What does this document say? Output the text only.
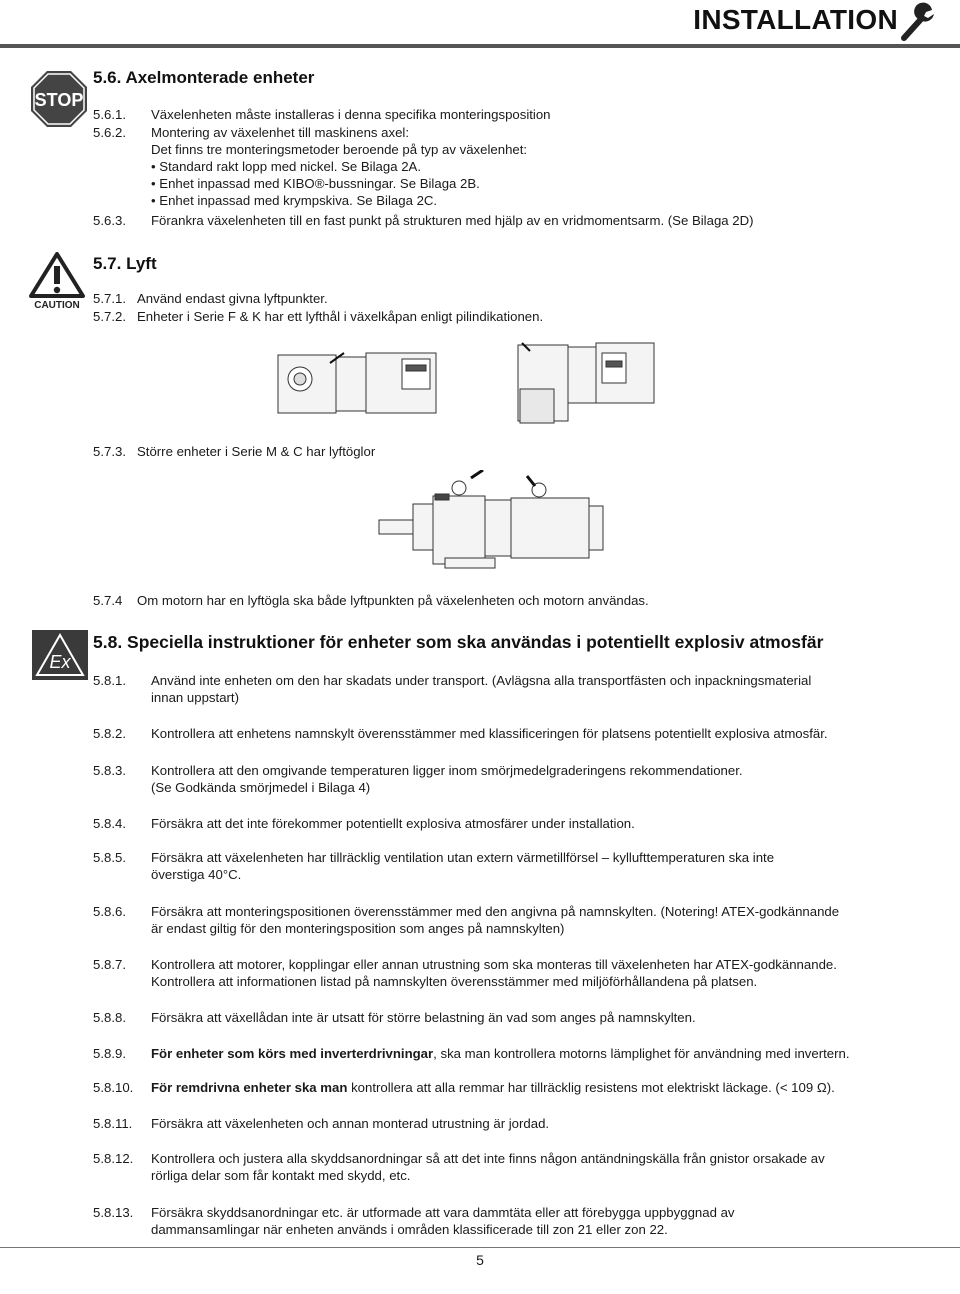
INSTALLATION
STOP
5.6. Axelmonterade enheter
5.6.1. Växelenheten måste installeras i denna specifika monteringsposition
5.6.2. Montering av växelenhet till maskinens axel:
Det finns tre monteringsmetoder beroende på typ av växelenhet:
• Standard rakt lopp med nickel. Se Bilaga 2A.
• Enhet inpassad med KIBO®-bussningar. Se Bilaga 2B.
• Enhet inpassad med krympskiva. Se Bilaga 2C.
5.6.3. Förankra växelenheten till en fast punkt på strukturen med hjälp av en vridmomentsarm. (Se Bilaga 2D)
CAUTION
5.7. Lyft
5.7.1. Använd endast givna lyftpunkter.
5.7.2. Enheter i Serie F & K har ett lyfthål i växelkåpan enligt pilindikationen.
5.7.3. Större enheter i Serie M & C har lyftöglor
5.7.4 Om motorn har en lyftögla ska både lyftpunkten på växelenheten och motorn användas.
Ex
5.8. Speciella instruktioner för enheter som ska användas i potentiellt explosiv atmosfär
5.8.1. Använd inte enheten om den har skadats under transport. (Avlägsna alla transportfästen och inpackningsmaterial
innan uppstart)
5.8.2. Kontrollera att enhetens namnskylt överensstämmer med klassificeringen för platsens potentiellt explosiva atmosfär.
5.8.3. Kontrollera att den omgivande temperaturen ligger inom smörjmedelgraderingens rekommendationer.
(Se Godkända smörjmedel i Bilaga 4)
5.8.4. Försäkra att det inte förekommer potentiellt explosiva atmosfärer under installation.
5.8.5. Försäkra att växelenheten har tillräcklig ventilation utan extern värmetillförsel – kyllufttemperaturen ska inte
överstiga 40°C.
5.8.6. Försäkra att monteringspositionen överensstämmer med den angivna på namnskylten. (Notering! ATEX-godkännande
är endast giltig för den monteringsposition som anges på namnskylten)
5.8.7. Kontrollera att motorer, kopplingar eller annan utrustning som ska monteras till växelenheten har ATEX-godkännande.
Kontrollera att informationen listad på namnskylten överensstämmer med miljöförhållandena på platsen.
5.8.8. Försäkra att växellådan inte är utsatt för större belastning än vad som anges på namnskylten.
5.8.9. För enheter som körs med inverterdrivningar, ska man kontrollera motorns lämplighet för användning med invertern.
5.8.10. För remdrivna enheter ska man kontrollera att alla remmar har tillräcklig resistens mot elektriskt läckage. (< 109 Ω).
5.8.11. Försäkra att växelenheten och annan monterad utrustning är jordad.
5.8.12. Kontrollera och justera alla skyddsanordningar så att det inte finns någon antändningskälla från gnistor orsakade av
rörliga delar som får kontakt med skydd, etc.
5.8.13. Försäkra skyddsanordningar etc. är utformade att vara dammtäta eller att förebygga uppbyggnad av
dammansamlingar när enheten används i områden klassificerade till zon 21 eller zon 22.
5
